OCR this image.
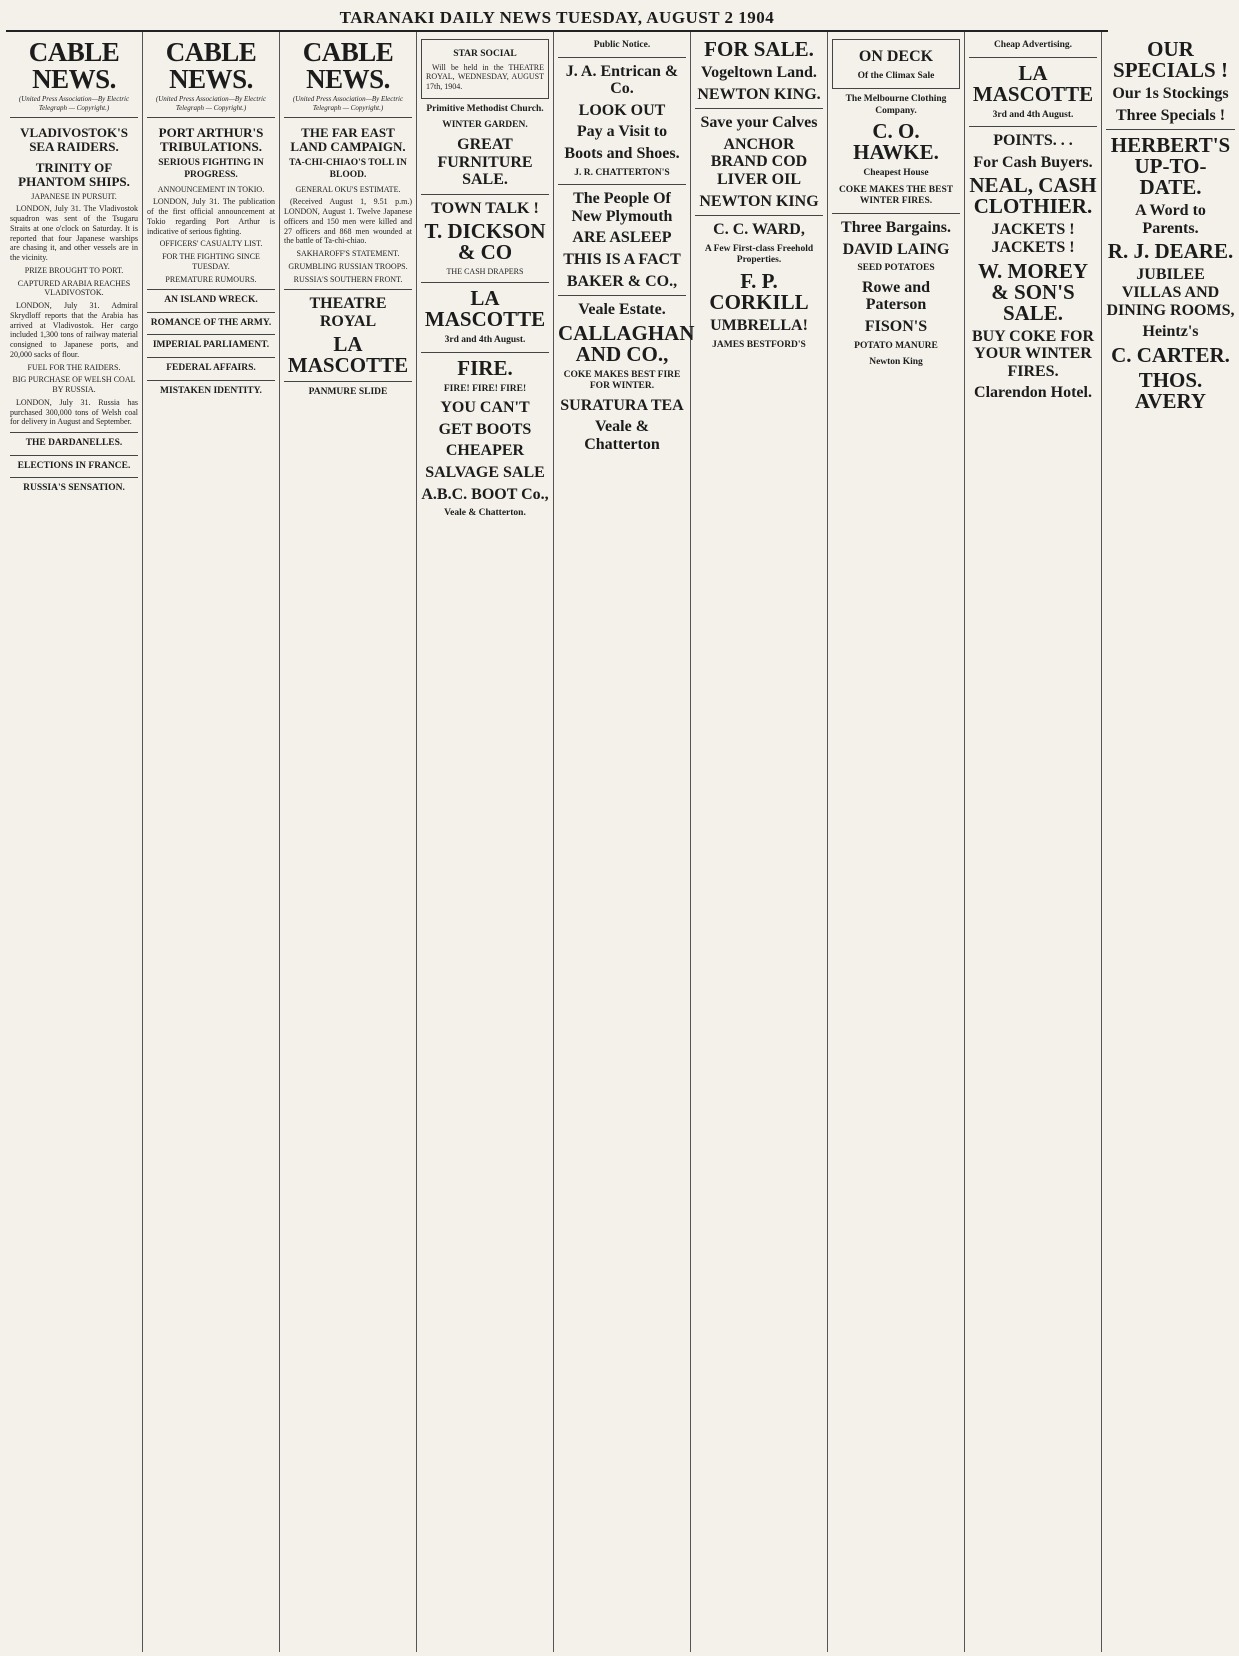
TARANAKI DAILY NEWS TUESDAY, AUGUST 2 1904
CABLE NEWS.
(United Press Association—By Electric Telegraph — Copyright.)
VLADIVOSTOK'S SEA RAIDERS.
TRINITY OF PHANTOM SHIPS.
JAPANESE IN PURSUIT.
LONDON, July 31. The Vladivostok squadron was sent of the Tsugaru Straits at one o'clock on Saturday. It is reported that four Japanese warships are chasing it, and other vessels are in the vicinity.
PRIZE BROUGHT TO PORT.
CAPTURED ARABIA REACHES VLADIVOSTOK.
LONDON, July 31. Admiral Skrydloff reports that the Arabia has arrived at Vladivostok. Her cargo included 1,300 tons of railway material consigned to Japanese ports, and 20,000 sacks of flour.
FUEL FOR THE RAIDERS.
BIG PURCHASE OF WELSH COAL BY RUSSIA.
LONDON, July 31. Russia has purchased 300,000 tons of Welsh coal for delivery in August and September.
THE DARDANELLES.
ELECTIONS IN FRANCE.
RUSSIA'S SENSATION.
CABLE NEWS.
(United Press Association—By Electric Telegraph — Copyright.)
PORT ARTHUR'S TRIBULATIONS.
SERIOUS FIGHTING IN PROGRESS.
ANNOUNCEMENT IN TOKIO.
LONDON, July 31. The publication of the first official announcement at Tokio regarding Port Arthur is indicative of serious fighting.
OFFICERS' CASUALTY LIST.
FOR THE FIGHTING SINCE TUESDAY.
PREMATURE RUMOURS.
AN ISLAND WRECK.
ROMANCE OF THE ARMY.
IMPERIAL PARLIAMENT.
FEDERAL AFFAIRS.
MISTAKEN IDENTITY.
CABLE NEWS.
(United Press Association—By Electric Telegraph — Copyright.)
THE FAR EAST LAND CAMPAIGN.
TA-CHI-CHIAO'S TOLL IN BLOOD.
GENERAL OKU'S ESTIMATE.
(Received August 1, 9.51 p.m.) LONDON, August 1. Twelve Japanese officers and 150 men were killed and 27 officers and 868 men wounded at the battle of Ta-chi-chiao.
SAKHAROFF'S STATEMENT.
GRUMBLING RUSSIAN TROOPS.
RUSSIA'S SOUTHERN FRONT.
THEATRE ROYAL
LA MASCOTTE
PANMURE SLIDE
STAR SOCIAL
Will be held in the THEATRE ROYAL, WEDNESDAY, AUGUST 17th, 1904.
Primitive Methodist Church.
WINTER GARDEN.
GREAT FURNITURE SALE.
TOWN TALK !
T. DICKSON & CO
THE CASH DRAPERS
LA MASCOTTE
3rd and 4th August.
FIRE.
FIRE! FIRE! FIRE!
YOU CAN'T
GET BOOTS
CHEAPER
SALVAGE SALE
A.B.C. BOOT Co.,
Veale & Chatterton.
Public Notice.
J. A. Entrican & Co.
LOOK OUT
Pay a Visit to
Boots and Shoes.
J. R. CHATTERTON'S
The People Of New Plymouth
ARE ASLEEP
THIS IS A FACT
BAKER & CO.,
Veale Estate.
CALLAGHAN AND CO.,
COKE MAKES BEST FIRE FOR WINTER.
SURATURA TEA
Veale & Chatterton
FOR SALE.
Vogeltown Land.
NEWTON KING.
Save your Calves
ANCHOR BRAND COD LIVER OIL
NEWTON KING
C. C. WARD,
A Few First-class Freehold Properties.
F. P. CORKILL
UMBRELLA!
JAMES BESTFORD'S
ON DECK
Of the Climax Sale
The Melbourne Clothing Company.
C. O. HAWKE.
Cheapest House
COKE MAKES THE BEST WINTER FIRES.
Three Bargains.
DAVID LAING
SEED POTATOES
Rowe and Paterson
FISON'S
POTATO MANURE
Newton King
Cheap Advertising.
LA MASCOTTE
3rd and 4th August.
POINTS. . .
For Cash Buyers.
NEAL, CASH CLOTHIER.
JACKETS ! JACKETS !
W. MOREY & SON'S SALE.
BUY COKE FOR YOUR WINTER FIRES.
Clarendon Hotel.
OUR SPECIALS !
Our 1s Stockings
Three Specials !
HERBERT'S UP-TO-DATE.
A Word to Parents.
R. J. DEARE.
JUBILEE VILLAS AND DINING ROOMS,
Heintz's
C. CARTER.
THOS. AVERY
